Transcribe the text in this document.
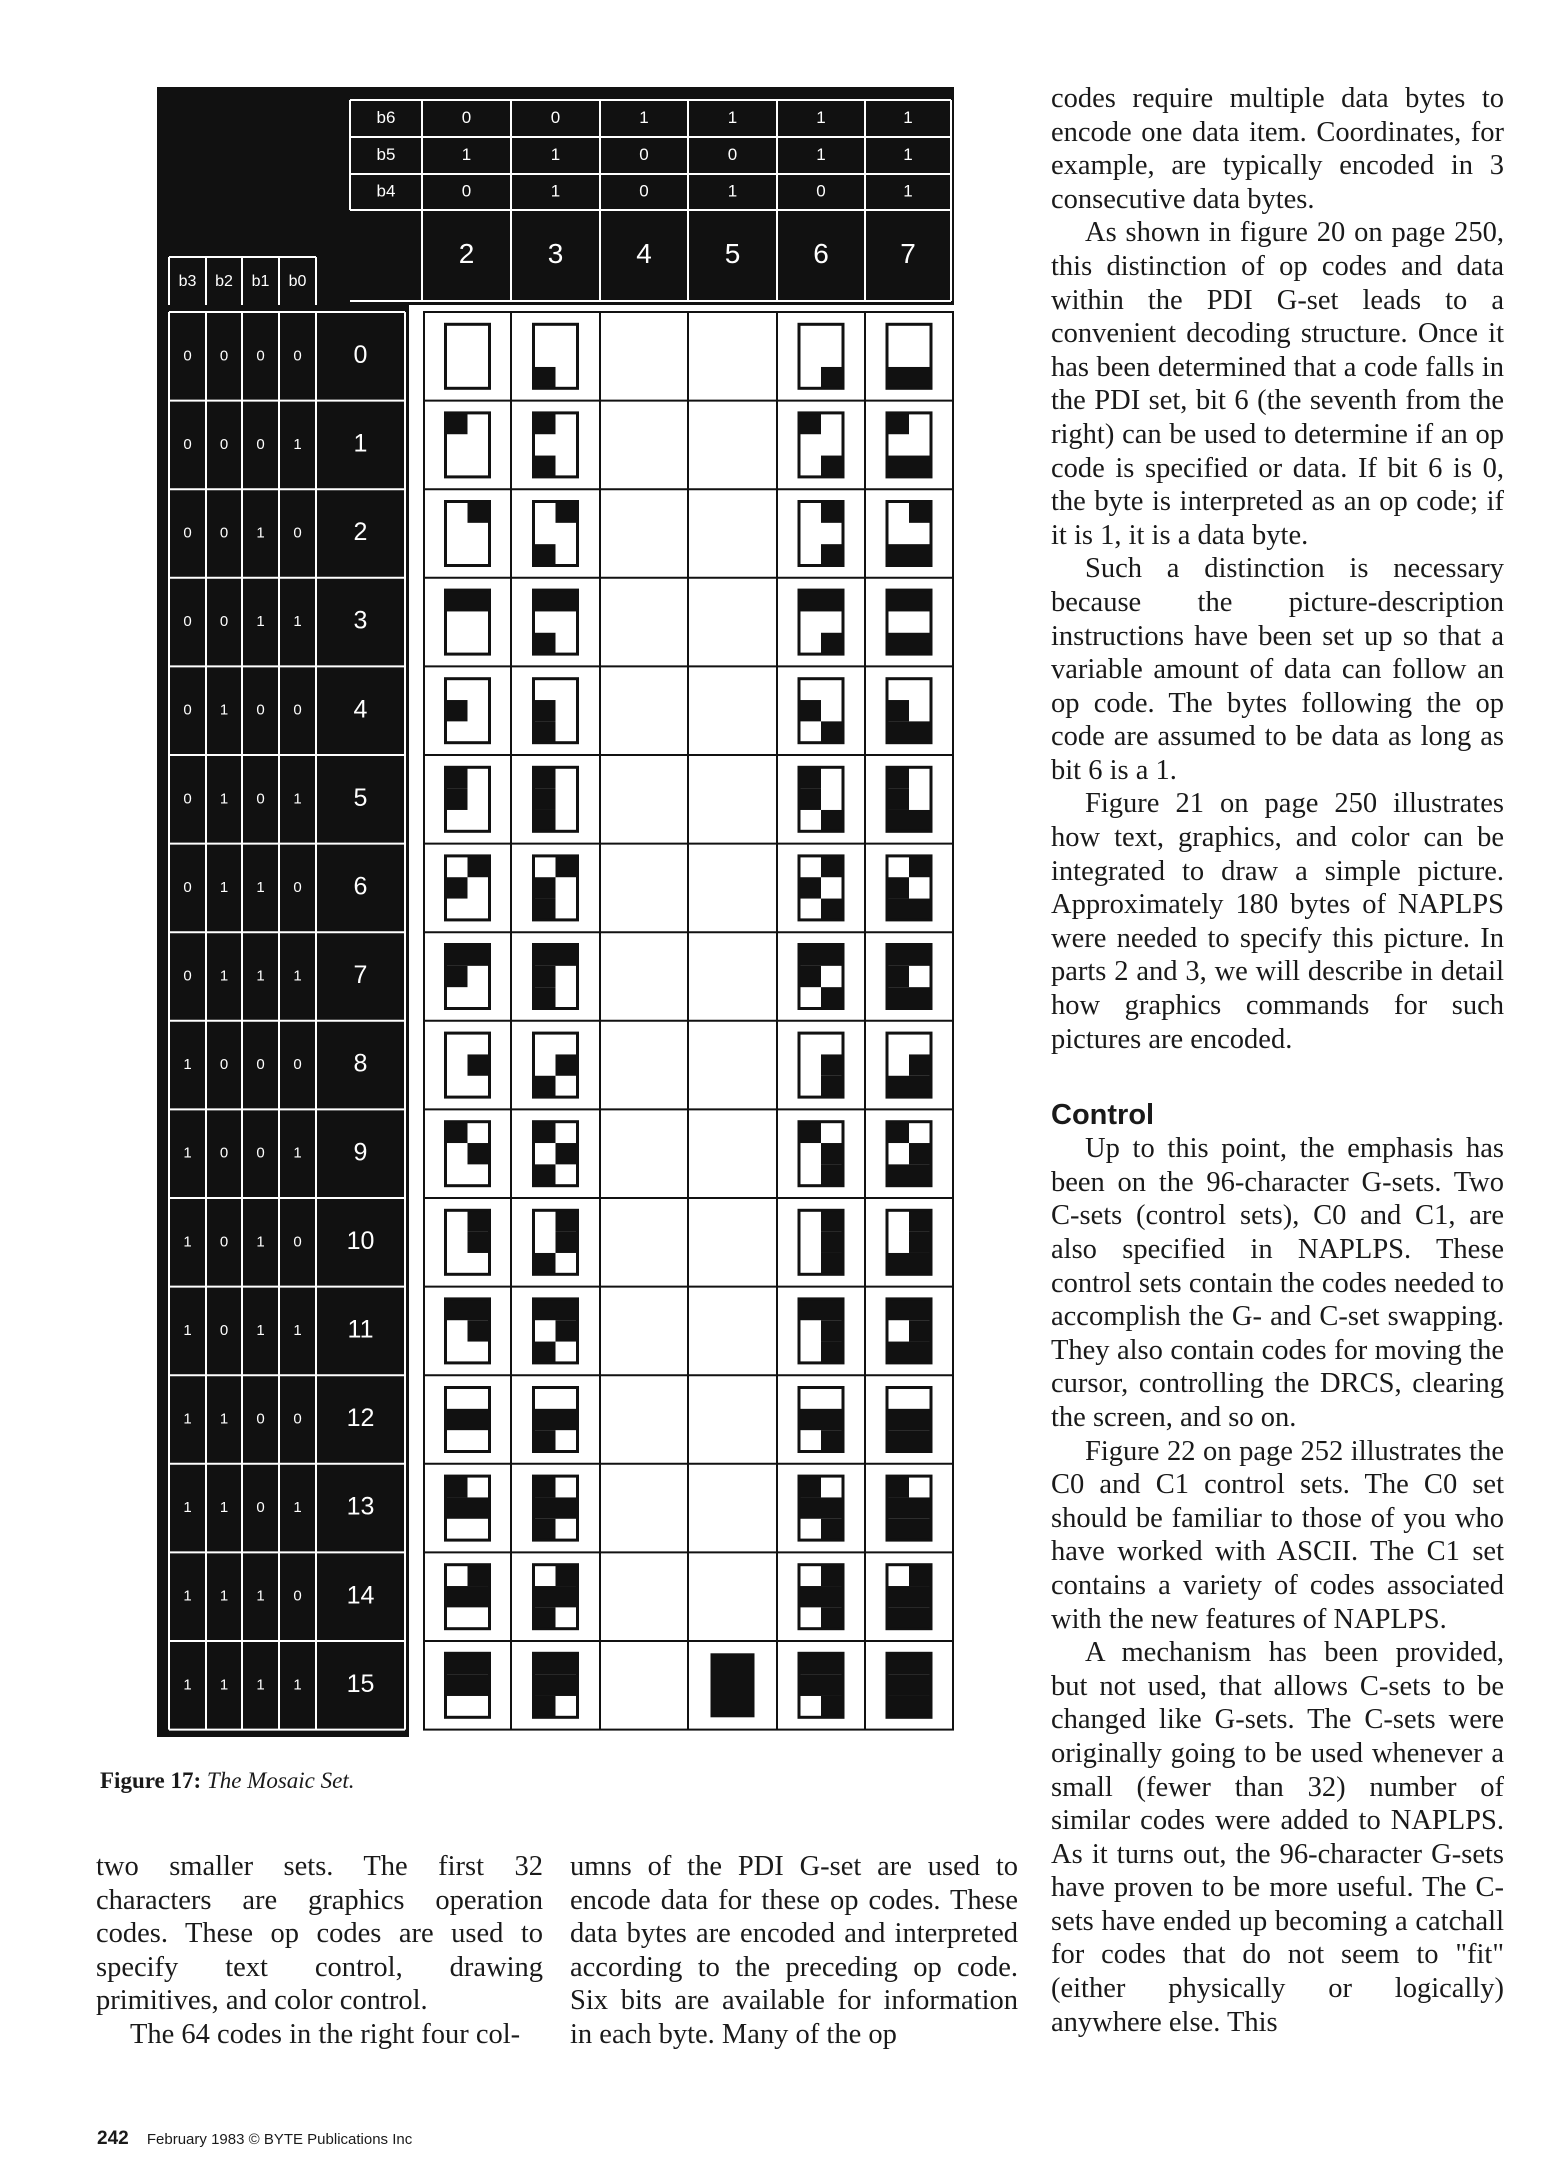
b6
b5
b4
0
1
0
2
0
1
1
3
1
0
0
4
1
0
1
5
1
1
0
6
1
1
1
7
b3 b2 b1 b0
0 0 0 0 0
0 0 0 1 1
0 0 1 0 2
0 0 1 1 3
0 1 0 0 4
0 1 0 1 5
0 1 1 0 6
0 1 1 1 7
1 0 0 0 8
1 0 0 1 9
1 0 1 0 10
1 0 1 1 11
1 1 0 0 12
1 1 0 1 13
1 1 1 0 14
1 1 1 1 15
Figure 17: The Mosaic Set.

two smaller sets. The first 32 characters are graphics operation codes. These op codes are used to specify text control, drawing primitives, and color control.

The 64 codes in the right four col-

umns of the PDI G-set are used to encode data for these op codes. These data bytes are encoded and interpreted according to the preceding op code. Six bits are available for information in each byte. Many of the op

codes require multiple data bytes to encode one data item. Coordinates, for example, are typically encoded in 3 consecutive data bytes.

As shown in figure 20 on page 250, this distinction of op codes and data within the PDI G-set leads to a convenient decoding structure. Once it has been determined that a code falls in the PDI set, bit 6 (the seventh from the right) can be used to determine if an op code is specified or data. If bit 6 is 0, the byte is interpreted as an op code; if it is 1, it is a data byte.

Such a distinction is necessary because the picture-description instructions have been set up so that a variable amount of data can follow an op code. The bytes following the op code are assumed to be data as long as bit 6 is a 1.

Figure 21 on page 250 illustrates how text, graphics, and color can be integrated to draw a simple picture. Approximately 180 bytes of NAPLPS were needed to specify this picture. In parts 2 and 3, we will describe in detail how graphics commands for such pictures are encoded.

Control

Up to this point, the emphasis has been on the 96-character G-sets. Two C-sets (control sets), C0 and C1, are also specified in NAPLPS. These control sets contain the codes needed to accomplish the G- and C-set swapping. They also contain codes for moving the cursor, controlling the DRCS, clearing the screen, and so on.

Figure 22 on page 252 illustrates the C0 and C1 control sets. The C0 set should be familiar to those of you who have worked with ASCII. The C1 set contains a variety of codes associated with the new features of NAPLPS.

A mechanism has been provided, but not used, that allows C-sets to be changed like G-sets. The C-sets were originally going to be used whenever a small (fewer than 32) number of similar codes were added to NAPLPS. As it turns out, the 96-character G-sets have proven to be more useful. The C-sets have ended up becoming a catchall for codes that do not seem to "fit" (either physically or logically) anywhere else. This

242 February 1983 © BYTE Publications Inc
